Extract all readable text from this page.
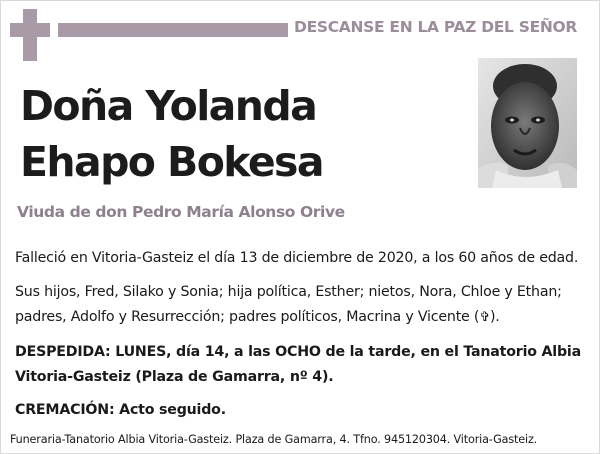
DESCANSE EN LA PAZ DEL SEÑOR
Doña Yolanda
Ehapo Bokesa
Viuda de don Pedro María Alonso Orive
Falleció en Vitoria-Gasteiz el día 13 de diciembre de 2020, a los 60 años de edad.
Sus hijos, Fred, Silako y Sonia; hija política, Esther; nietos, Nora, Chloe y Ethan; padres, Adolfo y Resurrección; padres políticos, Macrina y Vicente (✞).
DESPEDIDA: LUNES, día 14, a las OCHO de la tarde, en el Tanatorio Albia Vitoria-Gasteiz (Plaza de Gamarra, nº 4).
CREMACIÓN: Acto seguido.
Funeraria-Tanatorio Albia Vitoria-Gasteiz. Plaza de Gamarra, 4. Tfno. 945120304. Vitoria-Gasteiz.
